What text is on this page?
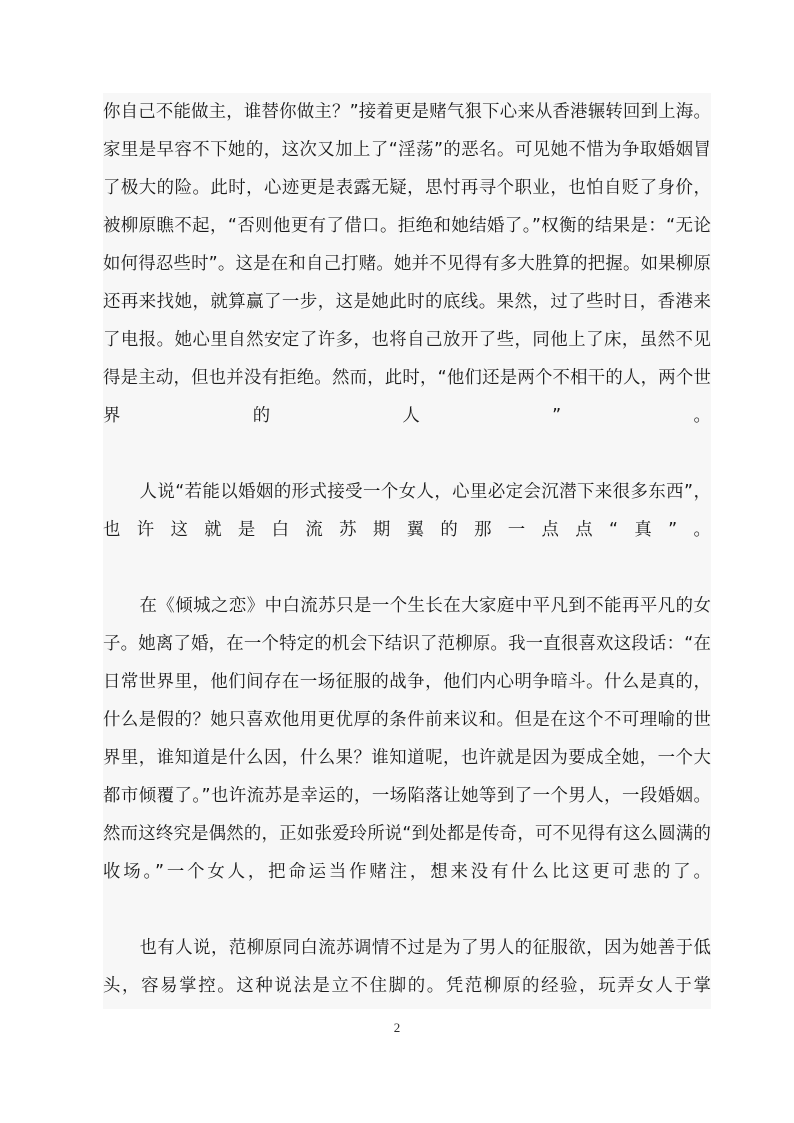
你自己不能做主，谁替你做主？”接着更是赌气狠下心来从香港辗转回到上海。家里是早容不下她的，这次又加上了“淫荡”的恶名。可见她不惜为争取婚姻冒了极大的险。此时，心迹更是表露无疑，思忖再寻个职业，也怕自贬了身价，被柳原瞧不起，“否则他更有了借口。拒绝和她结婚了。”权衡的结果是：“无论如何得忍些时”。这是在和自己打赌。她并不见得有多大胜算的把握。如果柳原还再来找她，就算赢了一步，这是她此时的底线。果然，过了些时日，香港来了电报。她心里自然安定了许多，也将自己放开了些，同他上了床，虽然不见得是主动，但也并没有拒绝。然而，此时，“他们还是两个不相干的人，两个世界的人”。

人说“若能以婚姻的形式接受一个女人，心里必定会沉潜下来很多东西”，也许这就是白流苏期翼的那一点点“真”。

在《倾城之恋》中白流苏只是一个生长在大家庭中平凡到不能再平凡的女子。她离了婚，在一个特定的机会下结识了范柳原。我一直很喜欢这段话：“在日常世界里，他们间存在一场征服的战争，他们内心明争暗斗。什么是真的，什么是假的？她只喜欢他用更优厚的条件前来议和。但是在这个不可理喻的世界里，谁知道是什么因，什么果？谁知道呢，也许就是因为要成全她，一个大都市倾覆了。”也许流苏是幸运的，一场陷落让她等到了一个男人，一段婚姻。然而这终究是偶然的，正如张爱玲所说“到处都是传奇，可不见得有这么圆满的收场。”一个女人，把命运当作赌注，想来没有什么比这更可悲的了。

也有人说，范柳原同白流苏调情不过是为了男人的征服欲，因为她善于低头，容易掌控。这种说法是立不住脚的。凭范柳原的经验，玩弄女人于掌

2
